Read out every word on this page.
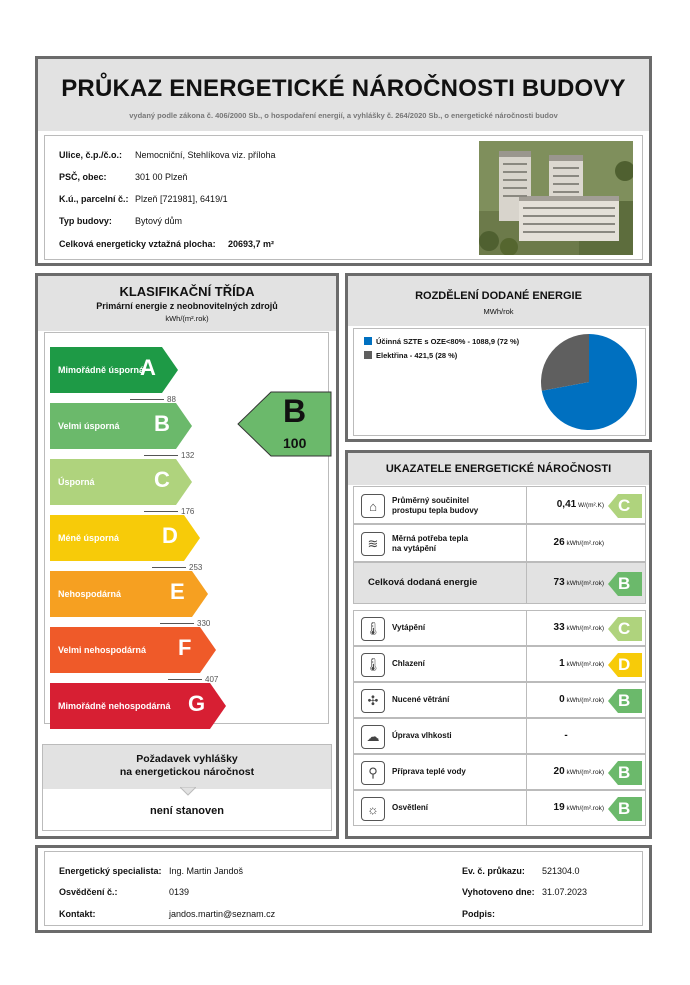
PRŮKAZ ENERGETICKÉ NÁROČNOSTI BUDOVY
vydaný podle zákona č. 406/2000 Sb., o hospodaření energií, a vyhlášky č. 264/2020 Sb., o energetické náročnosti budov
Ulice, č.p./č.o.: Nemocniční, Stehlíkova viz. příloha
PSČ, obec:	301 00 Plzeň
K.ú., parcelní č.: Plzeň [721981], 6419/1
Typ budovy:	Bytový dům
Celková energeticky vztažná plocha: 20693,7 m²
KLASIFIKAČNÍ TŘÍDA
Primární energie z neobnovitelných zdrojů
kWh/(m².rok)
Mimořádně úsporná
A
Velmi úsporná	B
Úsporná	C
Méně úsporná	D
Nehospodárná	E
Velmi nehospodárná	F
Mimořádně nehospodárná G
88
132
176
253
330
407
B
100
Požadavek vyhlášky
na energetickou náročnost
není stanoven
ROZDĚLENÍ DODANÉ ENERGIE
MWh/rok
Účinná SZTE s OZE<80% - 1088,9 (72 %)
Elektřina - 421,5 (28 %)
UKAZATELE ENERGETICKÉ NÁROČNOSTI
⌂	Průměrný součinitel
prostupu tepla budovy
0,41 W/(m².K) C
≋	Měrná potřeba tepla
na vytápění
26 kWh/(m².rok)
Celková dodaná energie	73 kWh/(m².rok) B
🌡	Vytápění	33 kWh/(m².rok) C
🌡	Chlazení	1 kWh/(m².rok) D
✣	Nucené větrání	0 kWh/(m².rok) B
☁	Úprava vlhkosti	-
⚲	Příprava teplé vody	20 kWh/(m².rok) B
☼	Osvětlení	19 kWh/(m².rok) B
Energetický specialista: Ing. Martin Jandoš
Osvědčení č.:	0139
Kontakt:	jandos.martin@seznam.cz
Ev. č. průkazu: 521304.0
Vyhotoveno dne: 31.07.2023
Podpis:
